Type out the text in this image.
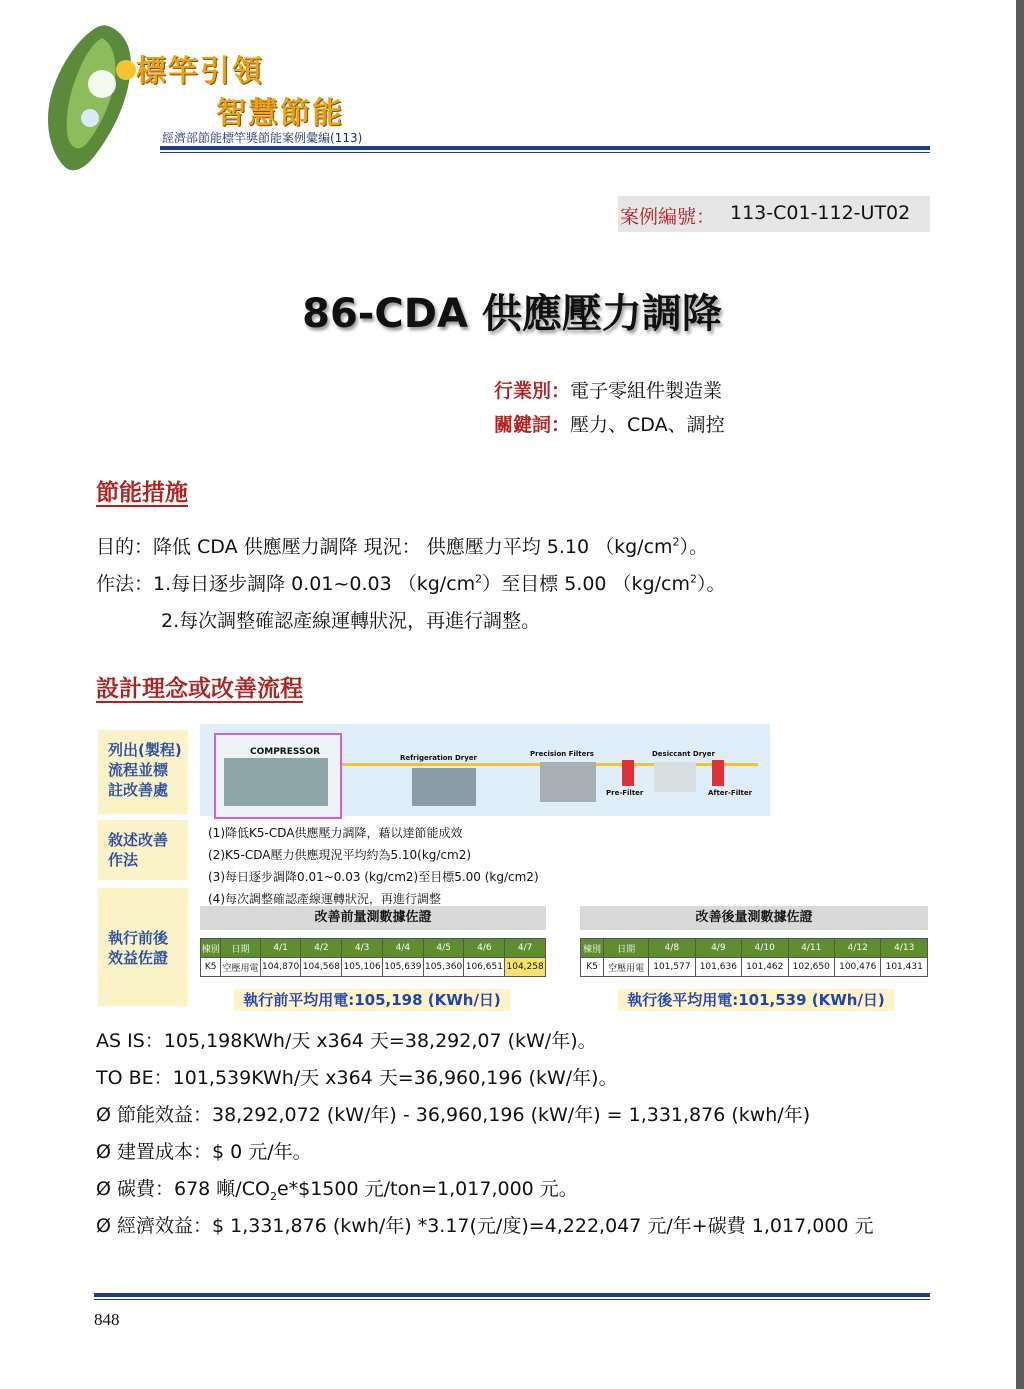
標竿引領
智慧節能
經濟部節能標竿獎節能案例彙編(113)
案例編號： 113-C01-112-UT02
86-CDA 供應壓力調降
行業別：電子零組件製造業
關鍵詞：壓力、CDA、調控
節能措施
目的：降低 CDA 供應壓力調降 現況： 供應壓力平均 5.10 $(kg/cm^2)$。
作法：1.每日逐步調降 0.01~0.03 $(kg/cm^2)$至目標 5.00 $(kg/cm^2)$。
2.每次調整確認產線運轉狀況，再進行調整。
設計理念或改善流程
列出(製程)
流程並標
註改善處
敘述改善
作法
執行前後
效益佐證
COMPRESSOR
Refrigeration Dryer	Precision Filters	Desiccant Dryer
Pre-Filter	After-Filter
(1)降低K5-CDA供應壓力調降，藉以達節能成效
(2)K5-CDA壓力供應現況平均約為5.10(kg/cm2)
(3)每日逐步調降0.01~0.03 (kg/cm2)至目標5.00 (kg/cm2)
(4)每次調整確認產線運轉狀況，再進行調整
改善前量測數據佐證
棟別	日期	4/1	4/2	4/3	4/4	4/5	4/6	4/7
K5	空壓用電	104,870	104,568	105,106	105,639	105,360	106,651	104,258
執行前平均用電:105,198 (KWh/日)
改善後量測數據佐證
棟別	日期	4/8	4/9	4/10	4/11	4/12	4/13
K5	空壓用電	101,577	101,636	101,462	102,650	100,476	101,431
執行後平均用電:101,539 (KWh/日)
AS IS：105,198KWh/天 x364 天=38,292,07 (kW/年)。
TO BE：101,539KWh/天 x364 天=36,960,196 (kW/年)。
Ø 節能效益：38,292,072 (kW/年) - 36,960,196 (kW/年) = 1,331,876 (kwh/年)
Ø 建置成本：$ 0 元/年。
Ø 碳費：678 噸$/CO_2e*\$1500$ 元/ton=1,017,000 元。
Ø 經濟效益：$ 1,331,876 (kwh/年) *3.17(元/度)=4,222,047 元/年+碳費 1,017,000 元
848
